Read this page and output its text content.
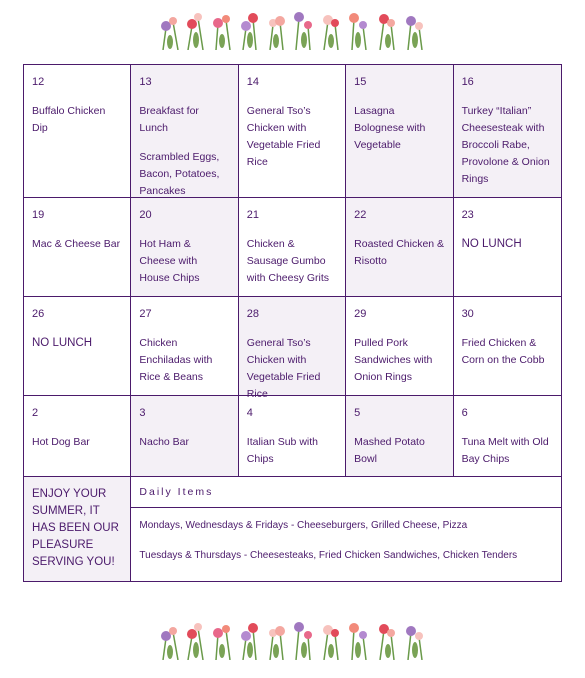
12
Buffalo Chicken Dip
13
Breakfast for Lunch
Scrambled Eggs, Bacon, Potatoes, Pancakes
14
General Tso’s Chicken with Vegetable Fried Rice
15
Lasagna Bolognese with Vegetable
16
Turkey “Italian” Cheesesteak with Broccoli Rabe, Provolone & Onion Rings
19
Mac & Cheese Bar
20
Hot Ham & Cheese with House Chips
21
Chicken & Sausage Gumbo with Cheesy Grits
22
Roasted Chicken & Risotto
23
NO LUNCH
26
NO LUNCH
27
Chicken Enchiladas with Rice & Beans
28
General Tso’s Chicken with Vegetable Fried Rice
29
Pulled Pork Sandwiches with Onion Rings
30
Fried Chicken & Corn on the Cobb
2
Hot Dog Bar
3
Nacho Bar
4
Italian Sub with Chips
5
Mashed Potato Bowl
6
Tuna Melt with Old Bay Chips
ENJOY YOUR SUMMER, IT HAS BEEN OUR PLEASURE SERVING YOU!
Daily Items
Mondays, Wednesdays & Fridays - Cheeseburgers, Grilled Cheese, Pizza
Tuesdays & Thursdays - Cheesesteaks, Fried Chicken Sandwiches, Chicken Tenders
